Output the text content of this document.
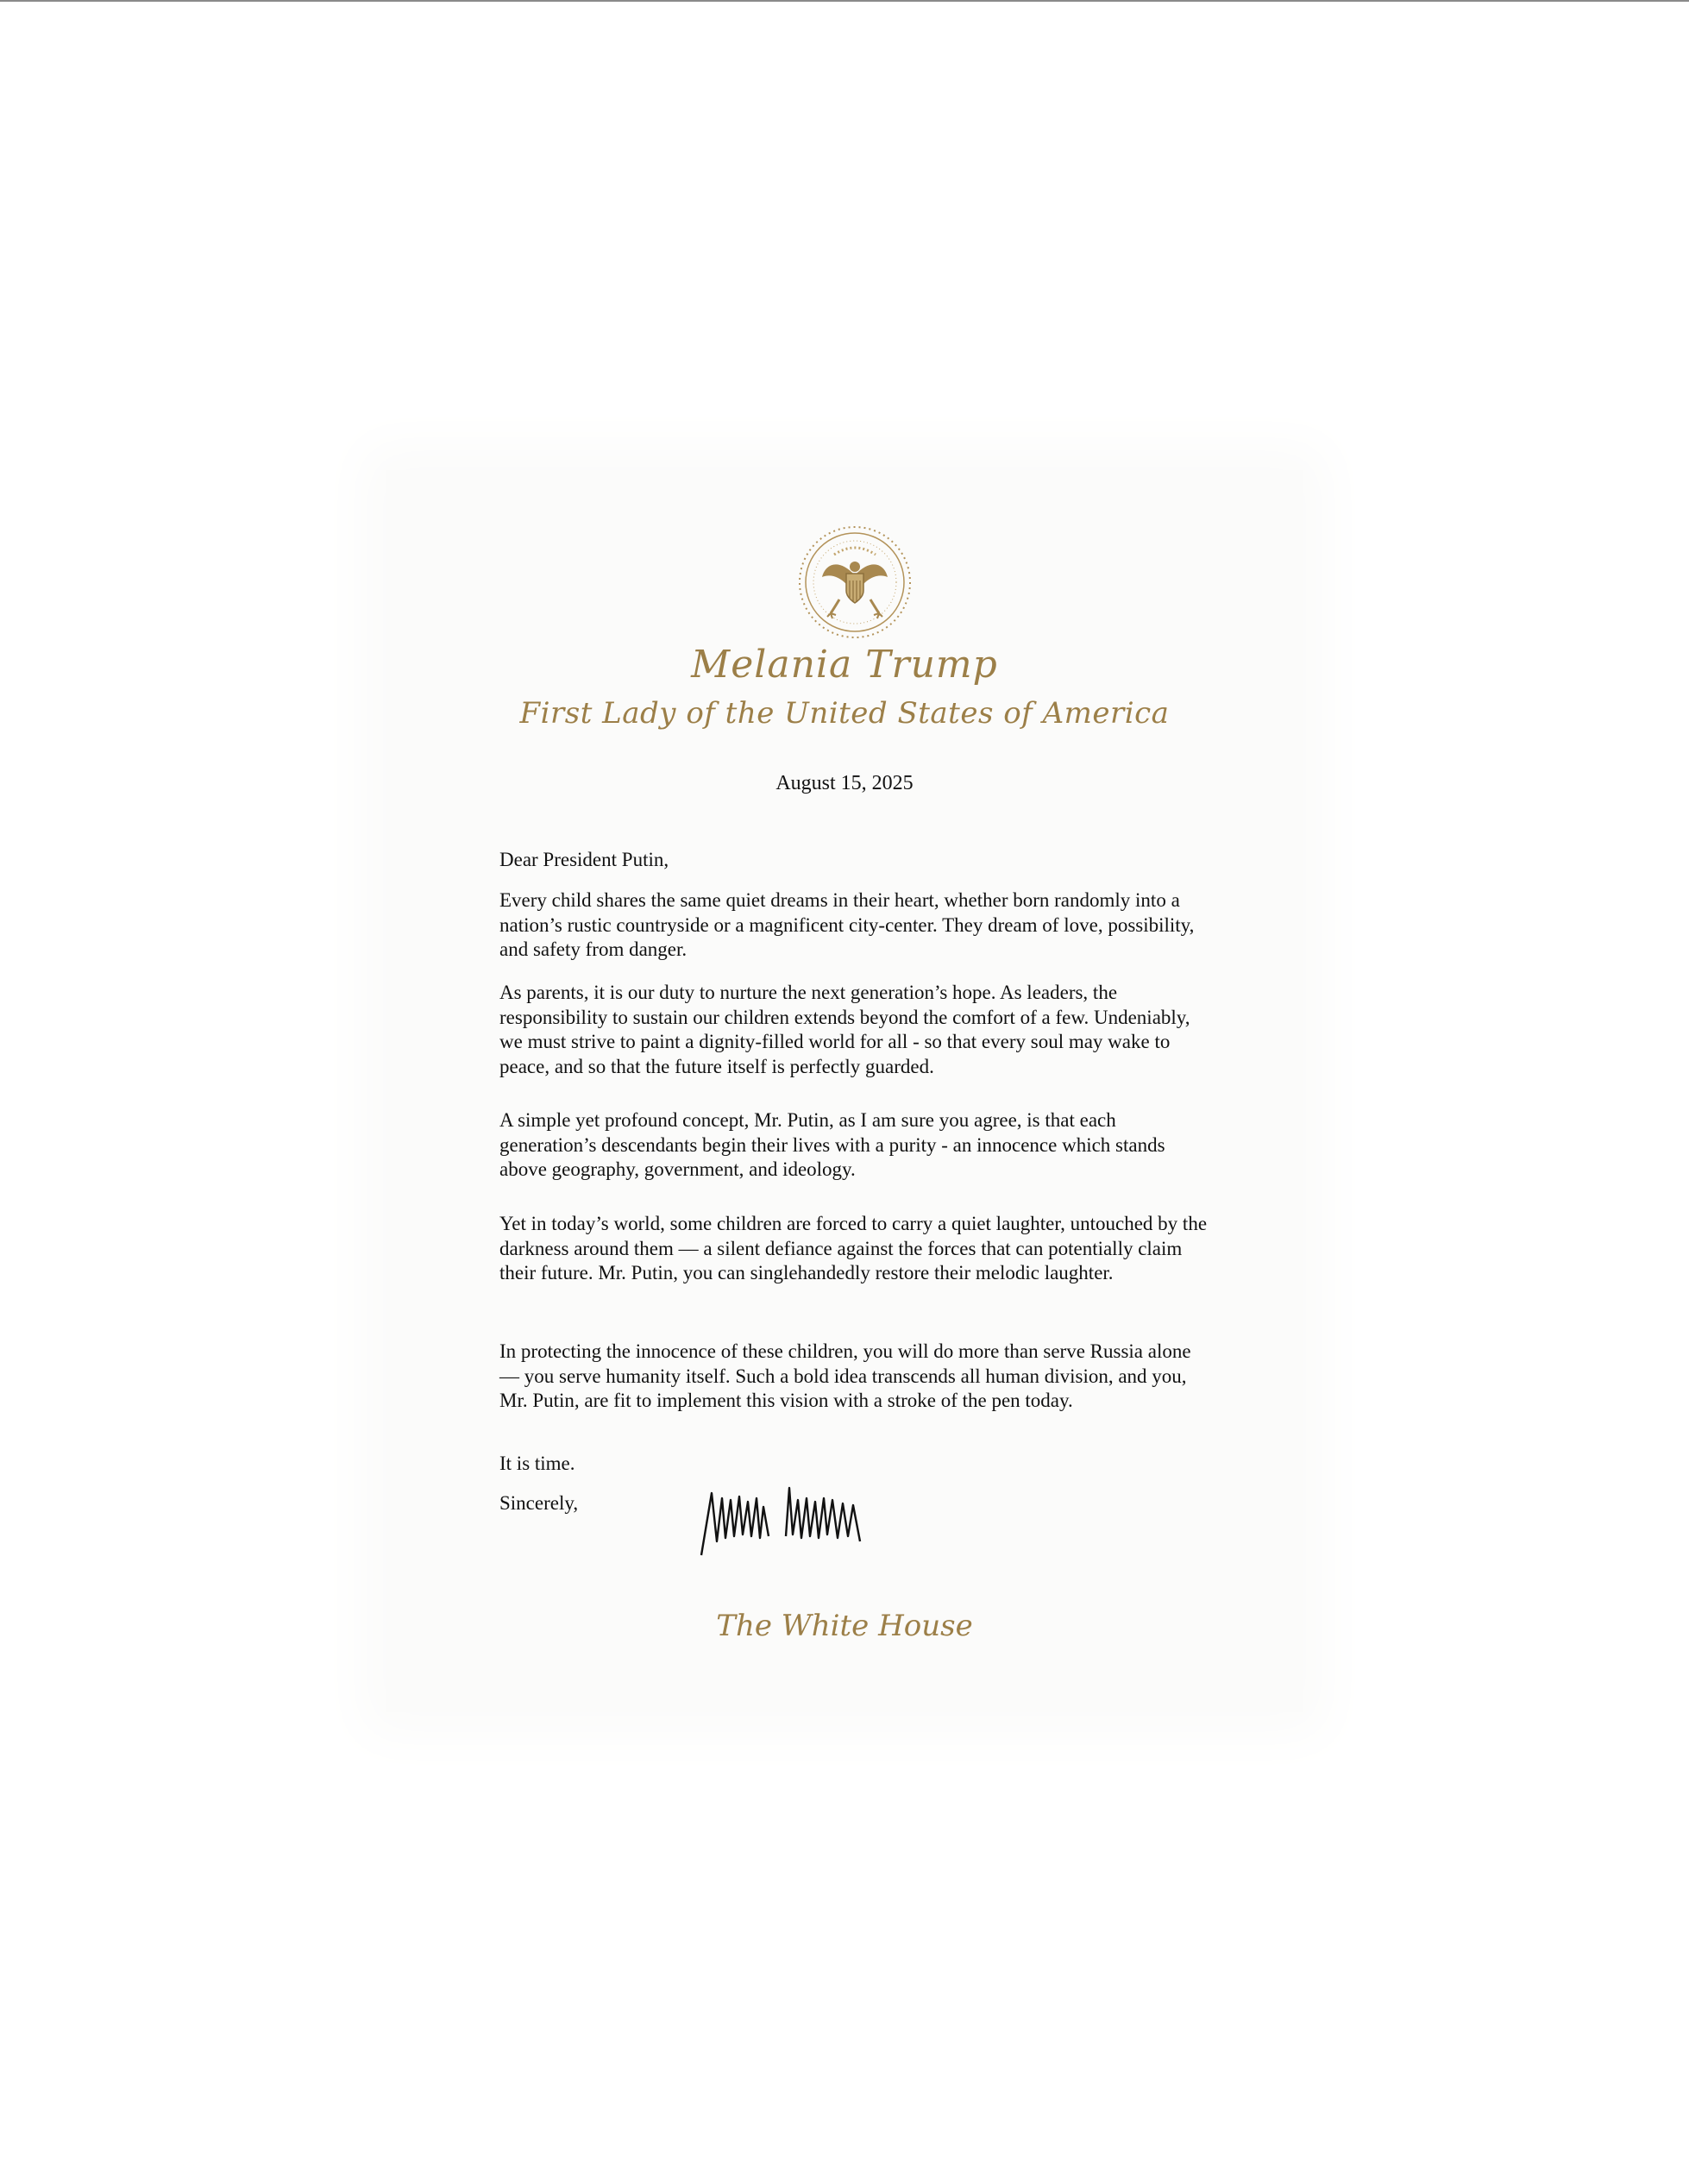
Melania Trump

First Lady of the United States of America

August 15, 2025

Dear President Putin,

Every child shares the same quiet dreams in their heart, whether born randomly into a nation’s rustic countryside or a magnificent city-center. They dream of love, possibility, and safety from danger.

As parents, it is our duty to nurture the next generation’s hope. As leaders, the responsibility to sustain our children extends beyond the comfort of a few. Undeniably, we must strive to paint a dignity-filled world for all - so that every soul may wake to peace, and so that the future itself is perfectly guarded.

A simple yet profound concept, Mr. Putin, as I am sure you agree, is that each generation’s descendants begin their lives with a purity - an innocence which stands above geography, government, and ideology.

Yet in today’s world, some children are forced to carry a quiet laughter, untouched by the darkness around them — a silent defiance against the forces that can potentially claim their future. Mr. Putin, you can singlehandedly restore their melodic laughter.

In protecting the innocence of these children, you will do more than serve Russia alone — you serve humanity itself. Such a bold idea transcends all human division, and you, Mr. Putin, are fit to implement this vision with a stroke of the pen today.

It is time.

Sincerely,

The White House
